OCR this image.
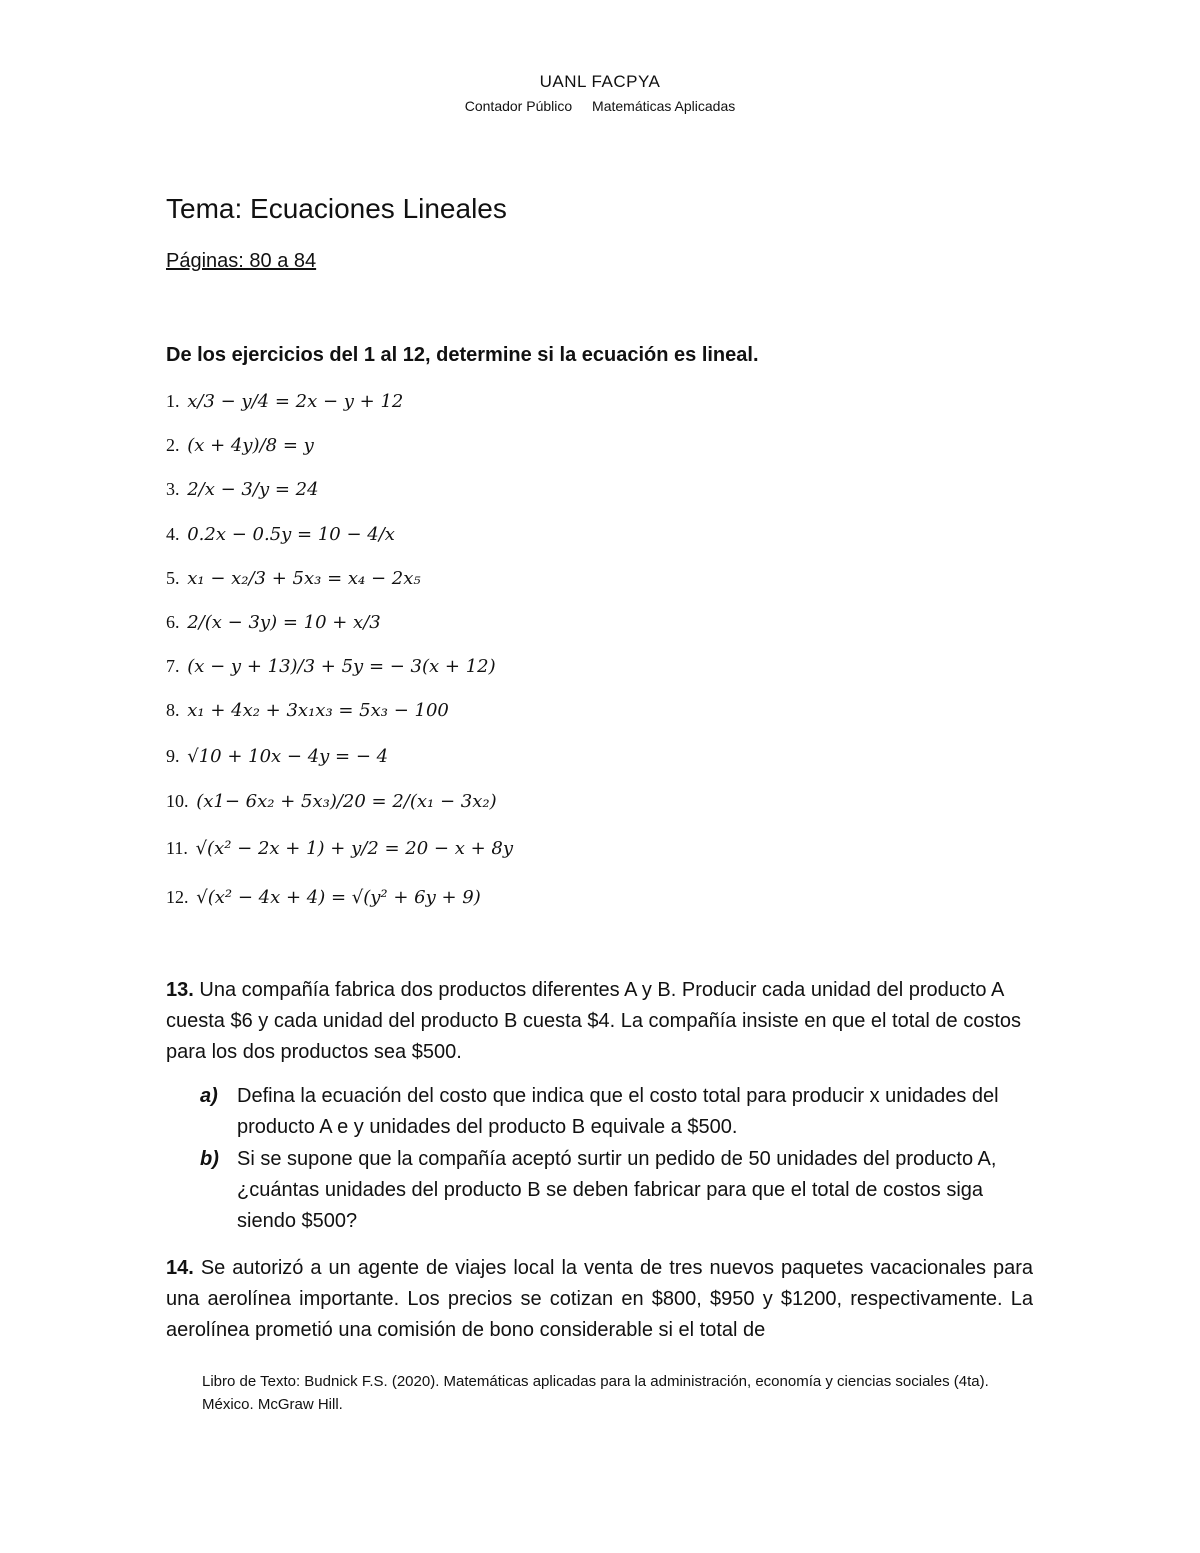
UANL FACPYA
Contador Público Matemáticas Aplicadas
Tema: Ecuaciones Lineales
Páginas: 80 a 84
De los ejercicios del 1 al 12, determine si la ecuación es lineal.
1. x/3 − y/4 = 2x − y + 12
2. (x + 4y)/8 = y
3. 2/x − 3/y = 24
4. 0.2x − 0.5y = 10 − 4/x
5. x₁ − x₂/3 + 5x₃ = x₄ − 2x₅
6. 2/(x − 3y) = 10 + x/3
7. (x − y + 13)/3 + 5y = − 3(x + 12)
8. x₁ + 4x₂ + 3x₁x₃ = 5x₃ − 100
9. √10 + 10x − 4y = − 4
10. (x1− 6x₂ + 5x₃)/20 = 2/(x₁ − 3x₂)
11. √(x² − 2x + 1) + y/2 = 20 − x + 8y
12. √(x² − 4x + 4) = √(y² + 6y + 9)
13. Una compañía fabrica dos productos diferentes A y B. Producir cada unidad del producto A cuesta $6 y cada unidad del producto B cuesta $4. La compañía insiste en que el total de costos para los dos productos sea $500.
a) Defina la ecuación del costo que indica que el costo total para producir x unidades del producto A e y unidades del producto B equivale a $500.
b) Si se supone que la compañía aceptó surtir un pedido de 50 unidades del producto A, ¿cuántas unidades del producto B se deben fabricar para que el total de costos siga siendo $500?
14. Se autorizó a un agente de viajes local la venta de tres nuevos paquetes vacacionales para una aerolínea importante. Los precios se cotizan en $800, $950 y $1200, respectivamente. La aerolínea prometió una comisión de bono considerable si el total de
Libro de Texto: Budnick F.S. (2020). Matemáticas aplicadas para la administración, economía y ciencias sociales (4ta). México. McGraw Hill.
